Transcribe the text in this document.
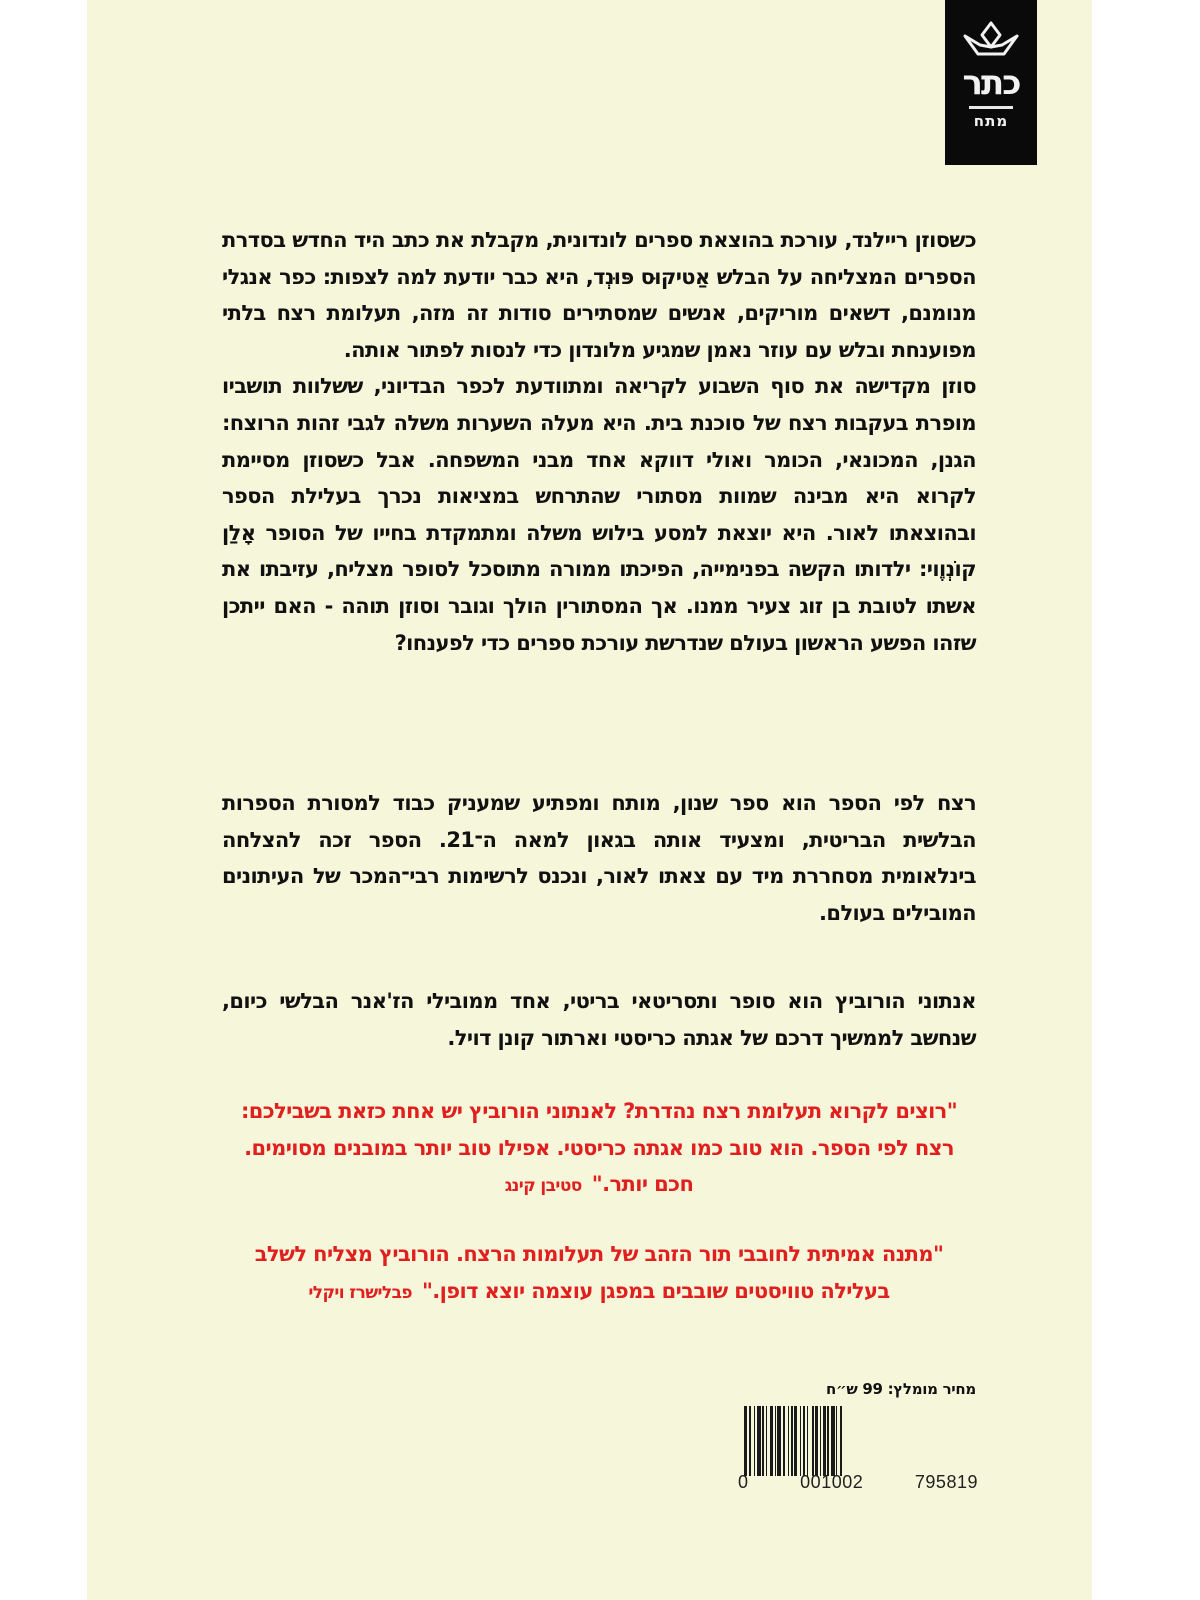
כתר
מתח

כשסוזן ריילנד, עורכת בהוצאת ספרים לונדונית, מקבלת את כתב היד החדש בסדרת הספרים המצליחה על הבלש אַטיקוּס פּוּנְד, היא כבר יודעת למה לצפות: כפר אנגלי מנומנם, דשאים מוריקים, אנשים שמסתירים סודות זה מזה, תעלומת רצח בלתי מפוענחת ובלש עם עוזר נאמן שמגיע מלונדון כדי לנסות לפתור אותה.

סוזן מקדישה את סוף השבוע לקריאה ומתוודעת לכפר הבדיוני, ששלוות תושביו מופרת בעקבות רצח של סוכנת בית. היא מעלה השערות משלה לגבי זהות הרוצח: הגנן, המכונאי, הכומר ואולי דווקא אחד מבני המשפחה. אבל כשסוזן מסיימת לקרוא היא מבינה שמוות מסתורי שהתרחש במציאות נכרך בעלילת הספר ובהוצאתו לאור. היא יוצאת למסע בילוש משלה ומתמקדת בחייו של הסופר אָלַן קוֹנְוֶוי: ילדותו הקשה בפנימייה, הפיכתו ממורה מתוסכל לסופר מצליח, עזיבתו את אשתו לטובת בן זוג צעיר ממנו. אך המסתורין הולך וגובר וסוזן תוהה - האם ייתכן שזהו הפשע הראשון בעולם שנדרשת עורכת ספרים כדי לפענחו?

רצח לפי הספר הוא ספר שנון, מותח ומפתיע שמעניק כבוד למסורת הספרות הבלשית הבריטית, ומצעיד אותה בגאון למאה ה־21. הספר זכה להצלחה בינלאומית מסחררת מיד עם צאתו לאור, ונכנס לרשימות רבי־המכר של העיתונים המובילים בעולם.

אנתוני הורוביץ הוא סופר ותסריטאי בריטי, אחד ממובילי הז'אנר הבלשי כיום, שנחשב לממשיך דרכם של אגתה כריסטי וארתור קונן דויל.

"רוצים לקרוא תעלומת רצח נהדרת? לאנתוני הורוביץ יש אחת כזאת בשבילכם: רצח לפי הספר. הוא טוב כמו אגתה כריסטי. אפילו טוב יותר במובנים מסוימים. חכם יותר."סטיבן קינג
"מתנה אמיתית לחובבי תור הזהב של תעלומות הרצח. הורוביץ מצליח לשלב בעלילה טוויסטים שובבים במפגן עוצמה יוצא דופן."פבלישרז ויקלי
מחיר מומלץ: 99 ש״ח
0	001002	795819
